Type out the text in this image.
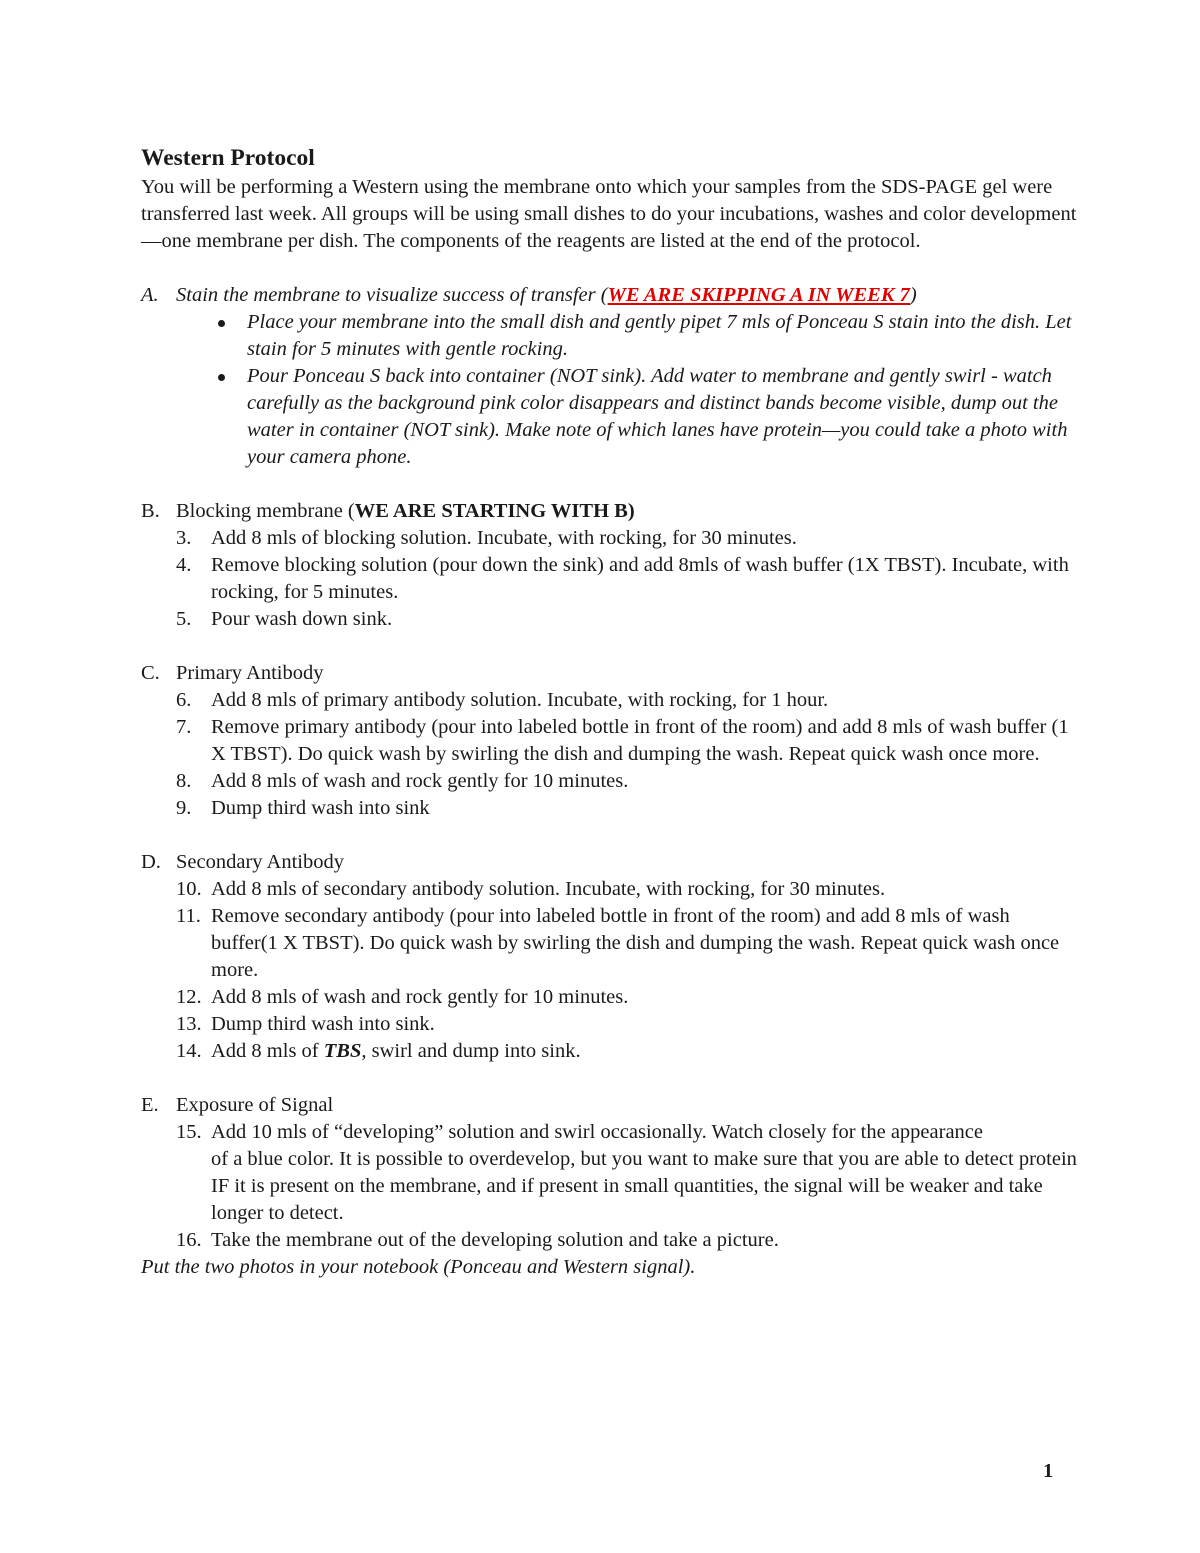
Western Protocol

You will be performing a Western using the membrane onto which your samples from the SDS-PAGE gel were transferred last week. All groups will be using small dishes to do your incubations, washes and color development—one membrane per dish. The components of the reagents are listed at the end of the protocol.

A. Stain the membrane to visualize success of transfer (WE ARE SKIPPING A IN WEEK 7)
Place your membrane into the small dish and gently pipet 7 mls of Ponceau S stain into the dish. Let stain for 5 minutes with gentle rocking.
Pour Ponceau S back into container (NOT sink). Add water to membrane and gently swirl - watch carefully as the background pink color disappears and distinct bands become visible, dump out the water in container (NOT sink). Make note of which lanes have protein—you could take a photo with your camera phone.
B. Blocking membrane (WE ARE STARTING WITH B)
3. Add 8 mls of blocking solution. Incubate, with rocking, for 30 minutes.
4. Remove blocking solution (pour down the sink) and add 8mls of wash buffer (1X TBST). Incubate, with rocking, for 5 minutes.
5. Pour wash down sink.
C. Primary Antibody
6. Add 8 mls of primary antibody solution. Incubate, with rocking, for 1 hour.
7. Remove primary antibody (pour into labeled bottle in front of the room) and add 8 mls of wash buffer (1 X TBST). Do quick wash by swirling the dish and dumping the wash. Repeat quick wash once more.
8. Add 8 mls of wash and rock gently for 10 minutes.
9. Dump third wash into sink
D. Secondary Antibody
10. Add 8 mls of secondary antibody solution. Incubate, with rocking, for 30 minutes.
11. Remove secondary antibody (pour into labeled bottle in front of the room) and add 8 mls of wash buffer(1 X TBST). Do quick wash by swirling the dish and dumping the wash. Repeat quick wash once more.
12. Add 8 mls of wash and rock gently for 10 minutes.
13. Dump third wash into sink.
14. Add 8 mls of TBS, swirl and dump into sink.
E. Exposure of Signal
15. Add 10 mls of “developing” solution and swirl occasionally. Watch closely for the appearance
of a blue color. It is possible to overdevelop, but you want to make sure that you are able to detect protein IF it is present on the membrane, and if present in small quantities, the signal will be weaker and take longer to detect.
16. Take the membrane out of the developing solution and take a picture.

Put the two photos in your notebook (Ponceau and Western signal).

1
